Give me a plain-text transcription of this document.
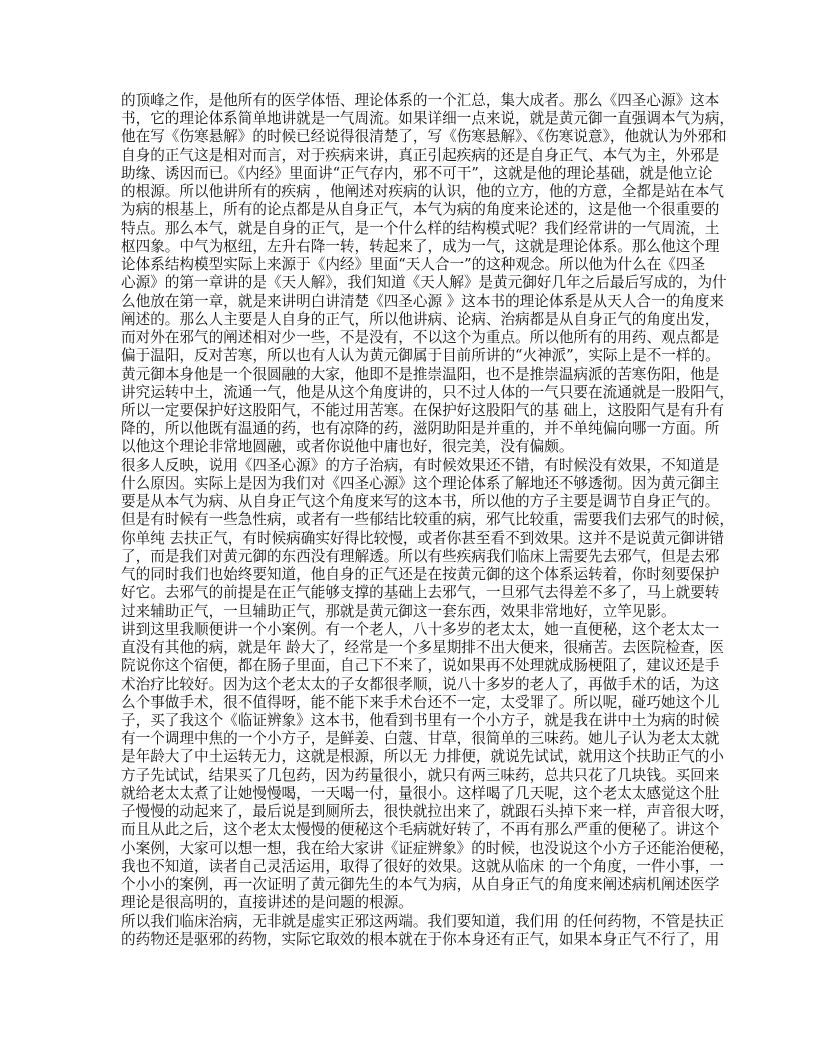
的顶峰之作，是他所有的医学体悟、理论体系的一个汇总，集大成者。那么《四圣心源》这本
书，它的理论体系简单地讲就是一气周流。如果详细一点来说，就是黄元御一直强调本气为病，
他在写《伤寒悬解》的时候已经说得很清楚了，写《伤寒悬解》、《伤寒说意》，他就认为外邪和
自身的正气这是相对而言，对于疾病来讲，真正引起疾病的还是自身正气、本气为主，外邪是
助缘、诱因而已。《内经》里面讲“正气存内，邪不可干”，这就是他的理论基础，就是他立论
的根源。所以他讲所有的疾病 ，他阐述对疾病的认识，他的立方，他的方意，全都是站在本气
为病的根基上，所有的论点都是从自身正气，本气为病的角度来论述的，这是他一个很重要的
特点。那么本气，就是自身的正气，是一个什么样的结构模式呢？我们经常讲的一气周流，土
枢四象。中气为枢纽，左升右降一转，转起来了，成为一气，这就是理论体系。那么他这个理
论体系结构模型实际上来源于《内经》里面“天人合一”的这种观念。所以他为什么在《四圣
心源》的第一章讲的是《天人解》，我们知道《天人解》是黄元御好几年之后最后写成的，为什
么他放在第一章，就是来讲明白讲清楚《四圣心源 》这本书的理论体系是从天人合一的角度来
阐述的。那么人主要是人自身的正气，所以他讲病、论病、治病都是从自身正气的角度出发，
而对外在邪气的阐述相对少一些，不是没有，不以这个为重点。所以他所有的用药、观点都是
偏于温阳，反对苦寒，所以也有人认为黄元御属于目前所讲的“火神派”，实际上是不一样的。
黄元御本身他是一个很圆融的大家，他即不是推崇温阳，也不是推崇温病派的苦寒伤阳，他是
讲究运转中土，流通一气，他是从这个角度讲的，只不过人体的一气只要在流通就是一股阳气，
所以一定要保护好这股阳气，不能过用苦寒。在保护好这股阳气的基 础上，这股阳气是有升有
降的，所以他既有温通的药，也有凉降的药，滋阴助阳是并重的，并不单纯偏向哪一方面。所
以他这个理论非常地圆融，或者你说他中庸也好，很完美，没有偏颇。
很多人反映，说用《四圣心源》的方子治病，有时候效果还不错，有时候没有效果，不知道是
什么原因。实际上是因为我们对《四圣心源》这个理论体系了解地还不够透彻。因为黄元御主
要是从本气为病、从自身正气这个角度来写的这本书，所以他的方子主要是调节自身正气的。
但是有时候有一些急性病，或者有一些郁结比较重的病，邪气比较重，需要我们去邪气的时候，
你单纯 去扶正气，有时候病确实好得比较慢，或者你甚至看不到效果。这并不是说黄元御讲错
了，而是我们对黄元御的东西没有理解透。所以有些疾病我们临床上需要先去邪气，但是去邪
气的同时我们也始终要知道，他自身的正气还是在按黄元御的这个体系运转着，你时刻要保护
好它。去邪气的前提是在正气能够支撑的基础上去邪气，一旦邪气去得差不多了，马上就要转
过来辅助正气，一旦辅助正气，那就是黄元御这一套东西，效果非常地好，立竿见影。
讲到这里我顺便讲一个小案例。有一个老人，八十多岁的老太太，她一直便秘，这个老太太一
直没有其他的病，就是年 龄大了，经常是一个多星期排不出大便来，很痛苦。去医院检查，医
院说你这个宿便，都在肠子里面，自己下不来了，说如果再不处理就成肠梗阻了，建议还是手
术治疗比较好。因为这个老太太的子女都很孝顺，说八十多岁的老人了，再做手术的话，为这
么个事做手术，很不值得呀，能不能下来手术台还不一定，太受罪了。所以呢，碰巧她这个儿
子，买了我这个《临证辨象》这本书，他看到书里有一个小方子，就是我在讲中土为病的时候
有一个调理中焦的一个小方子，是鲜姜、白蔻、甘草，很简单的三味药。她儿子认为老太太就
是年龄大了中土运转无力，这就是根源，所以无 力排便，就说先试试，就用这个扶助正气的小
方子先试试，结果买了几包药，因为药量很小，就只有两三味药，总共只花了几块钱。买回来
就给老太太煮了让她慢慢喝，一天喝一付，量很小。这样喝了几天呢，这个老太太感觉这个肚
子慢慢的动起来了，最后说是到厕所去，很快就拉出来了，就跟石头掉下来一样，声音很大呀，
而且从此之后，这个老太太慢慢的便秘这个毛病就好转了，不再有那么严重的便秘了。讲这个
小案例，大家可以想一想，我在给大家讲《证症辨象》的时候，也没说这个小方子还能治便秘，
我也不知道，读者自己灵活运用，取得了很好的效果。这就从临床 的一个角度，一件小事，一
个小小的案例，再一次证明了黄元御先生的本气为病，从自身正气的角度来阐述病机阐述医学
理论是很高明的，直接讲述的是问题的根源。
所以我们临床治病，无非就是虚实正邪这两端。我们要知道，我们用 的任何药物，不管是扶正
的药物还是驱邪的药物，实际它取效的根本就在于你本身还有正气，如果本身正气不行了，用
